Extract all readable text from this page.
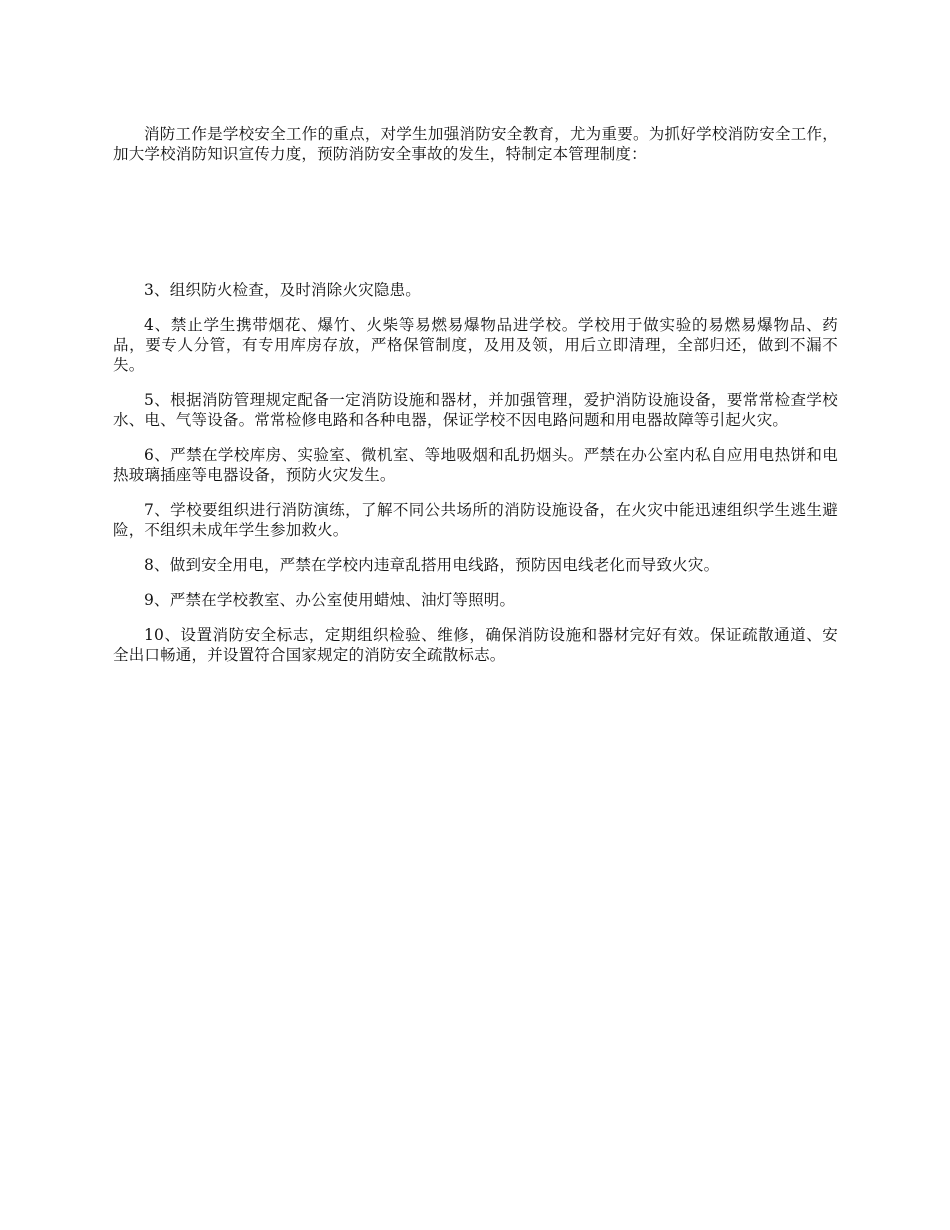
消防工作是学校安全工作的重点，对学生加强消防安全教育，尤为重要。为抓好学校消防安全工作，加大学校消防知识宣传力度，预防消防安全事故的发生，特制定本管理制度：

3、组织防火检查，及时消除火灾隐患。

4、禁止学生携带烟花、爆竹、火柴等易燃易爆物品进学校。学校用于做实验的易燃易爆物品、药品，要专人分管，有专用库房存放，严格保管制度，及用及领，用后立即清理，全部归还，做到不漏不失。

5、根据消防管理规定配备一定消防设施和器材，并加强管理，爱护消防设施设备，要常常检查学校水、电、气等设备。常常检修电路和各种电器，保证学校不因电路问题和用电器故障等引起火灾。

6、严禁在学校库房、实验室、微机室、等地吸烟和乱扔烟头。严禁在办公室内私自应用电热饼和电热玻璃插座等电器设备，预防火灾发生。

7、学校要组织进行消防演练，了解不同公共场所的消防设施设备，在火灾中能迅速组织学生逃生避险，不组织未成年学生参加救火。

8、做到安全用电，严禁在学校内违章乱搭用电线路，预防因电线老化而导致火灾。

9、严禁在学校教室、办公室使用蜡烛、油灯等照明。

10、设置消防安全标志，定期组织检验、维修，确保消防设施和器材完好有效。保证疏散通道、安全出口畅通，并设置符合国家规定的消防安全疏散标志。
